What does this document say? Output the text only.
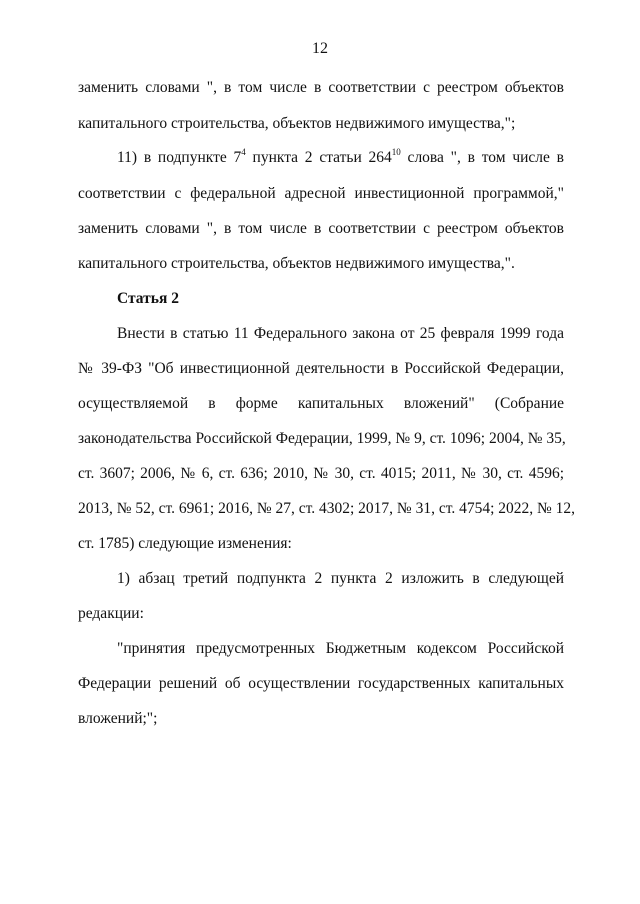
12
заменить словами ", в том числе в соответствии с реестром объектов
капитального строительства, объектов недвижимого имущества,";
11) в подпункте $7^4$ пункта 2 статьи $264^{10}$ слова ", в том числе в
соответствии с федеральной адресной инвестиционной программой,"
заменить словами ", в том числе в соответствии с реестром объектов
капитального строительства, объектов недвижимого имущества,".
Статья 2
Внести в статью 11 Федерального закона от 25 февраля 1999 года
№ 39-ФЗ "Об инвестиционной деятельности в Российской Федерации,
осуществляемой в форме капитальных вложений" (Собрание
законодательства Российской Федерации, 1999, № 9, ст. 1096; 2004, № 35,
ст. 3607; 2006, № 6, ст. 636; 2010, № 30, ст. 4015; 2011, № 30, ст. 4596;
2013, № 52, ст. 6961; 2016, № 27, ст. 4302; 2017, № 31, ст. 4754; 2022, № 12,
ст. 1785) следующие изменения:
1) абзац третий подпункта 2 пункта 2 изложить в следующей
редакции:
"принятия предусмотренных Бюджетным кодексом Российской
Федерации решений об осуществлении государственных капитальных
вложений;";
